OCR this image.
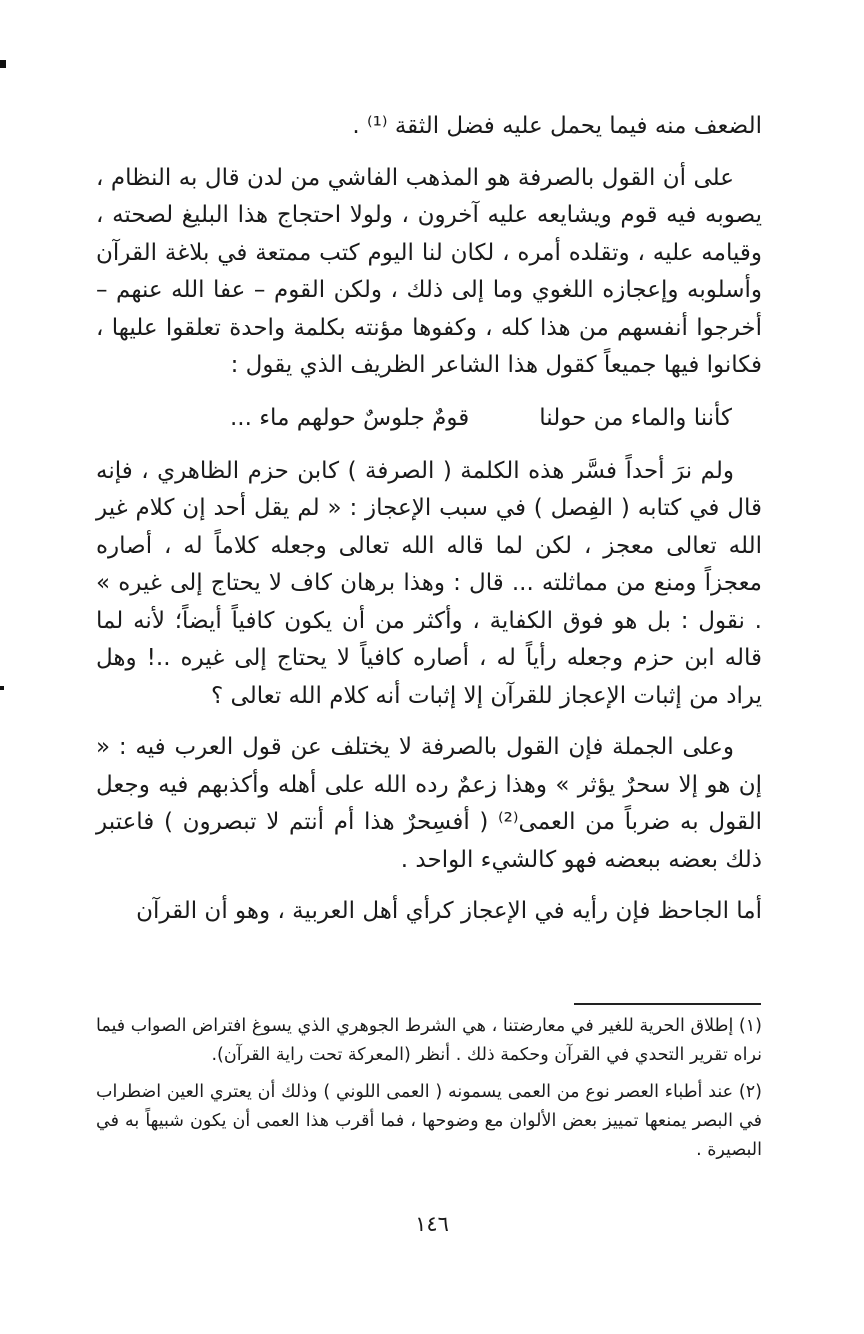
الضعف منه فيما يحمل عليه فضل الثقة ⁽¹⁾ .

على أن القول بالصرفة هو المذهب الفاشي من لدن قال به النظام ، يصوبه فيه قوم ويشايعه عليه آخرون ، ولولا احتجاج هذا البليغ لصحته ، وقيامه عليه ، وتقلده أمره ، لكان لنا اليوم كتب ممتعة في بلاغة القرآن وأسلوبه وإعجازه اللغوي وما إلى ذلك ، ولكن القوم – عفا الله عنهم – أخرجوا أنفسهم من هذا كله ، وكفوها مؤنته بكلمة واحدة تعلقوا عليها ، فكانوا فيها جميعاً كقول هذا الشاعر الظريف الذي يقول :

كأننا والماء من حولنا
قومٌ جلوسٌ حولهم ماء ...

ولم نرَ أحداً فسَّر هذه الكلمة ( الصرفة ) كابن حزم الظاهري ، فإنه قال في كتابه ( الفِصل ) في سبب الإعجاز : « لم يقل أحد إن كلام غير الله تعالى معجز ، لكن لما قاله الله تعالى وجعله كلاماً له ، أصاره معجزاً ومنع من مماثلته ... قال : وهذا برهان كاف لا يحتاج إلى غيره » . نقول : بل هو فوق الكفاية ، وأكثر من أن يكون كافياً أيضاً؛ لأنه لما قاله ابن حزم وجعله رأياً له ، أصاره كافياً لا يحتاج إلى غيره ..! وهل يراد من إثبات الإعجاز للقرآن إلا إثبات أنه كلام الله تعالى ؟

وعلى الجملة فإن القول بالصرفة لا يختلف عن قول العرب فيه : « إن هو إلا سحرٌ يؤثر » وهذا زعمٌ رده الله على أهله وأكذبهم فيه وجعل القول به ضرباً من العمى⁽²⁾ ( أفسِحرٌ هذا أم أنتم لا تبصرون ) فاعتبر ذلك بعضه ببعضه فهو كالشيء الواحد .

أما الجاحظ فإن رأيه في الإعجاز كرأي أهل العربية ، وهو أن القرآن

(١) إطلاق الحرية للغير في معارضتنا ، هي الشرط الجوهري الذي يسوغ افتراض الصواب فيما نراه تقرير التحدي في القرآن وحكمة ذلك . أنظر (المعركة تحت راية القرآن).

(٢) عند أطباء العصر نوع من العمى يسمونه ( العمى اللوني ) وذلك أن يعتري العين اضطراب في البصر يمنعها تمييز بعض الألوان مع وضوحها ، فما أقرب هذا العمى أن يكون شبيهاً به في البصيرة .

١٤٦
